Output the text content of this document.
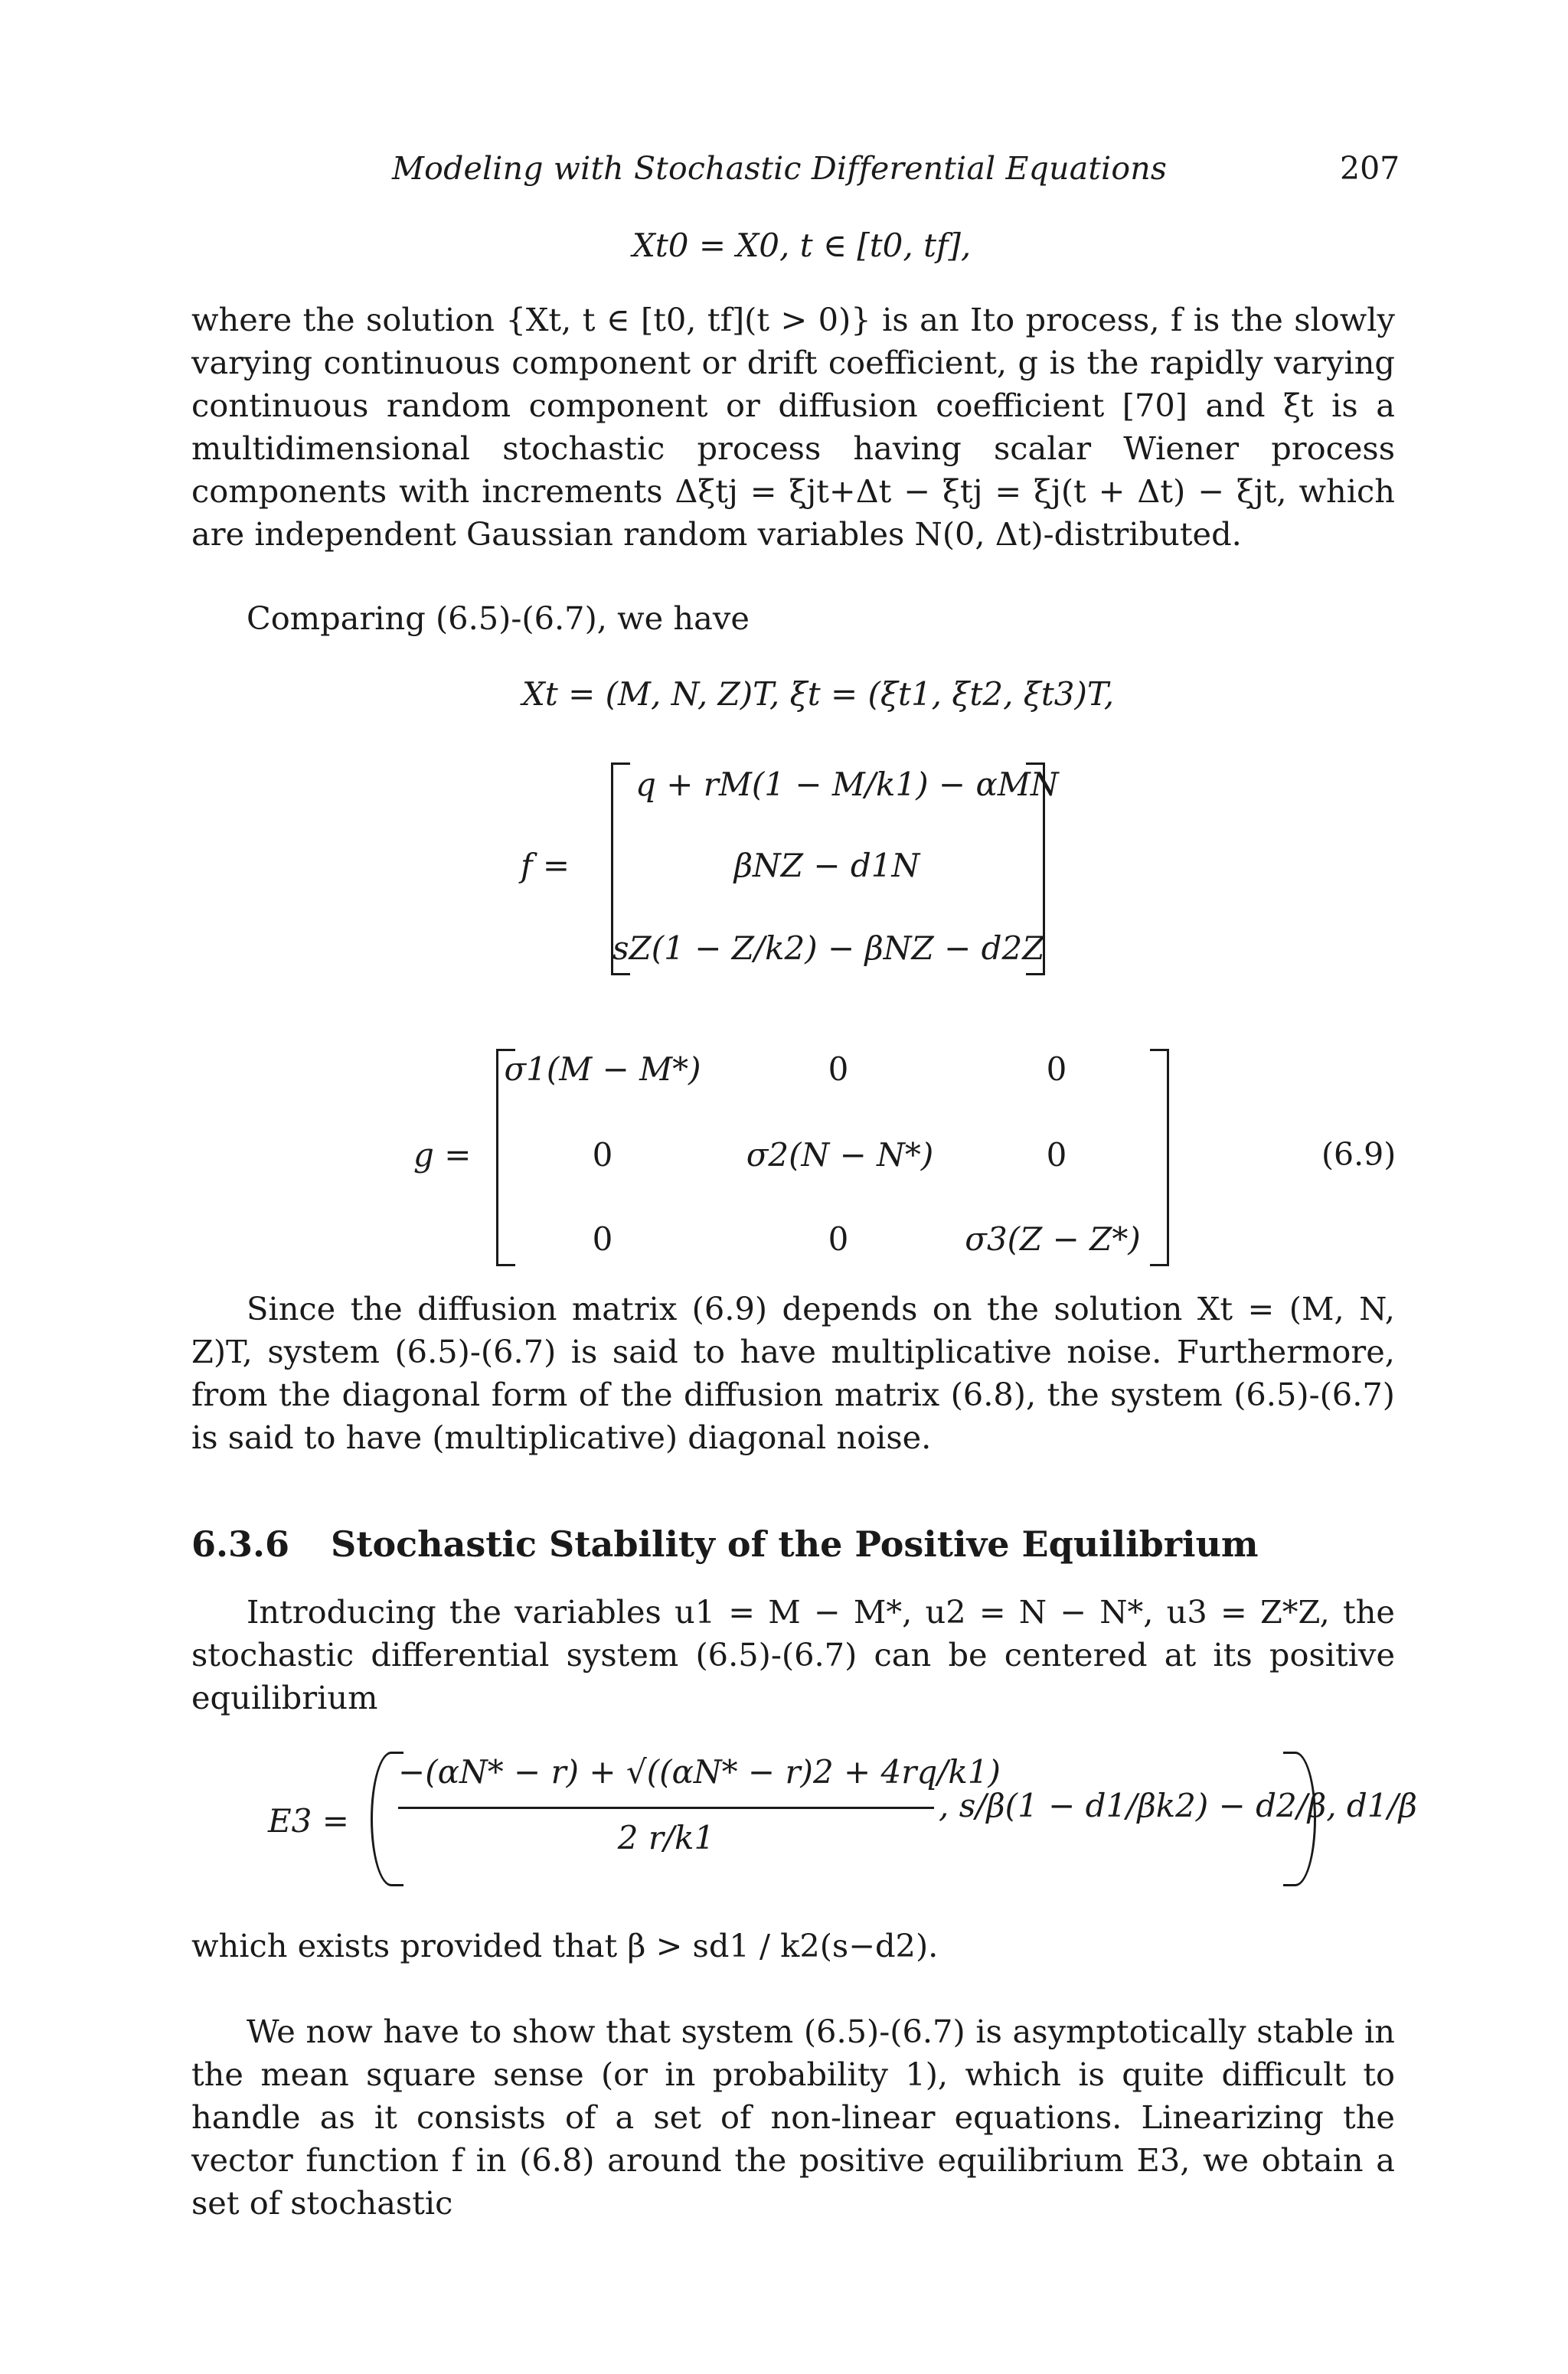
Modeling with Stochastic Differential Equations	207
Xt0 = X0, t ∈ [t0, tf],
where the solution {Xt, t ∈ [t0, tf](t > 0)} is an Ito process, f is the slowly varying continuous component or drift coefficient, g is the rapidly varying continuous random component or diffusion coefficient [70] and ξt is a multidimensional stochastic process having scalar Wiener process components with increments Δξtj = ξjt+Δt − ξtj = ξj(t + Δt) − ξjt, which are independent Gaussian random variables N(0, Δt)-distributed.
Comparing (6.5)-(6.7), we have
Xt = (M, N, Z)T, ξt = (ξt1, ξt2, ξt3)T,
f =
q + rM(1 − M/k1) − αMN
βNZ − d1N
sZ(1 − Z/k2) − βNZ − d2Z
g =
σ1(M − M*)	0	0
0	σ2(N − N*)	0
0	0	σ3(Z − Z*)
(6.9)
Since the diffusion matrix (6.9) depends on the solution Xt = (M, N, Z)T, system (6.5)-(6.7) is said to have multiplicative noise. Furthermore, from the diagonal form of the diffusion matrix (6.8), the system (6.5)-(6.7) is said to have (multiplicative) diagonal noise.
6.3.6 Stochastic Stability of the Positive Equilibrium
Introducing the variables u1 = M − M*, u2 = N − N*, u3 = Z*Z, the stochastic differential system (6.5)-(6.7) can be centered at its positive equilibrium
E3 =
−(αN* − r) + √((αN* − r)2 + 4rq/k1)
2 r/k1
, s/β(1 − d1/βk2) − d2/β, d1/β
which exists provided that β > sd1 / k2(s−d2).
We now have to show that system (6.5)-(6.7) is asymptotically stable in the mean square sense (or in probability 1), which is quite difficult to handle as it consists of a set of non-linear equations. Linearizing the vector function f in (6.8) around the positive equilibrium E3, we obtain a set of stochastic
